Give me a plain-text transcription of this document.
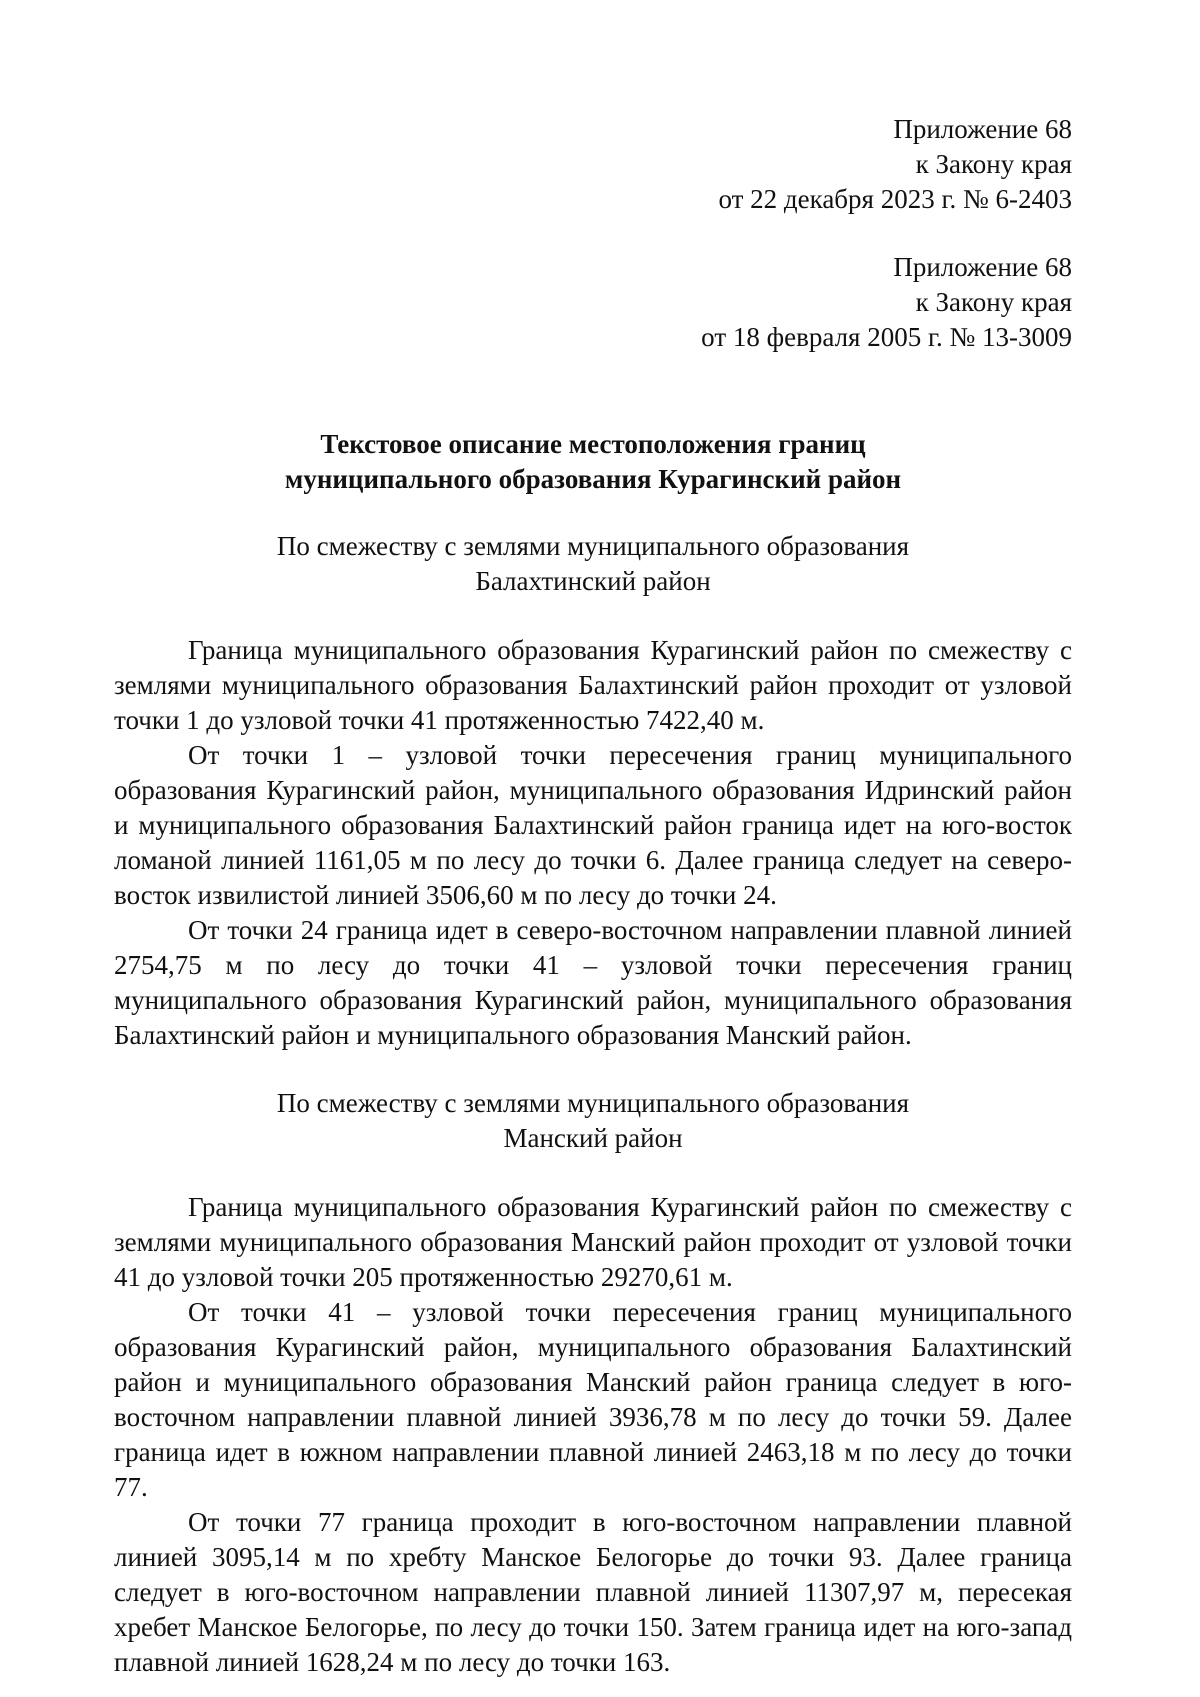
Приложение 68
к Закону края
от 22 декабря 2023 г. № 6-2403
Приложение 68
к Закону края
от 18 февраля 2005 г. № 13-3009
Текстовое описание местоположения границ
муниципального образования Курагинский район
По смежеству с землями муниципального образования
Балахтинский район

Граница муниципального образования Курагинский район по смежеству с землями муниципального образования Балахтинский район проходит от узловой точки 1 до узловой точки 41 протяженностью 7422,40 м.

От точки 1 – узловой точки пересечения границ муниципального образования Курагинский район, муниципального образования Идринский район и муниципального образования Балахтинский район граница идет на юго-восток ломаной линией 1161,05 м по лесу до точки 6. Далее граница следует на северо-восток извилистой линией 3506,60 м по лесу до точки 24.

От точки 24 граница идет в северо-восточном направлении плавной линией 2754,75 м по лесу до точки 41 – узловой точки пересечения границ муниципального образования Курагинский район, муниципального образования Балахтинский район и муниципального образования Манский район.

По смежеству с землями муниципального образования
Манский район

Граница муниципального образования Курагинский район по смежеству с землями муниципального образования Манский район проходит от узловой точки 41 до узловой точки 205 протяженностью 29270,61 м.

От точки 41 – узловой точки пересечения границ муниципального образования Курагинский район, муниципального образования Балахтинский район и муниципального образования Манский район граница следует в юго-восточном направлении плавной линией 3936,78 м по лесу до точки 59. Далее граница идет в южном направлении плавной линией 2463,18 м по лесу до точки 77.

От точки 77 граница проходит в юго-восточном направлении плавной линией 3095,14 м по хребту Манское Белогорье до точки 93. Далее граница следует в юго-восточном направлении плавной линией 11307,97 м, пересекая хребет Манское Белогорье, по лесу до точки 150. Затем граница идет на юго-запад плавной линией 1628,24 м по лесу до точки 163.
